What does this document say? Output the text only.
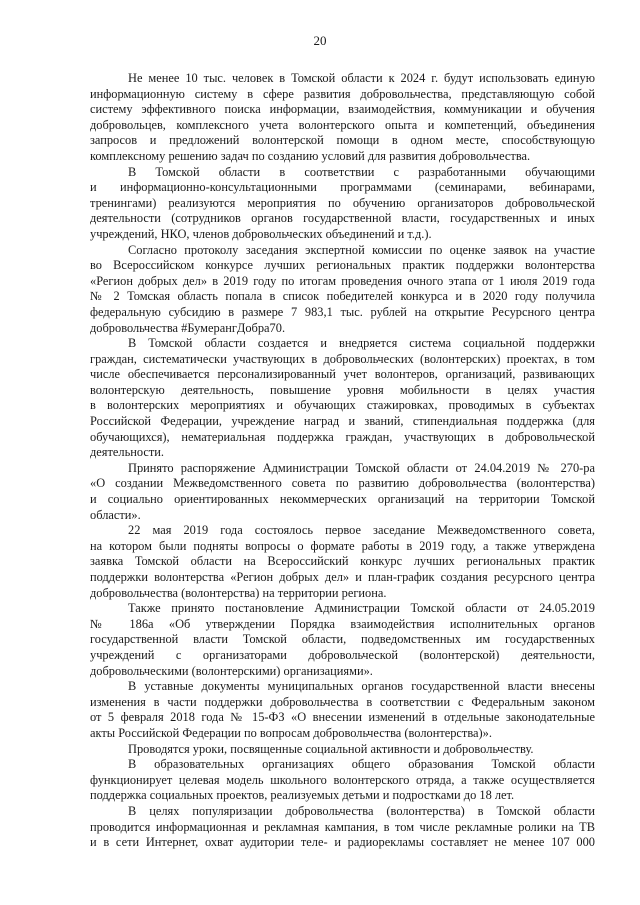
20
Не менее 10 тыс. человек в Томской области к 2024 г. будут использовать единую
информационную систему в сфере развития добровольчества, представляющую собой
систему эффективного поиска информации, взаимодействия, коммуникации и обучения
добровольцев, комплексного учета волонтерского опыта и компетенций, объединения
запросов и предложений волонтерской помощи в одном месте, способствующую
комплексному решению задач по созданию условий для развития добровольчества.
В Томской области в соответствии с разработанными обучающими
и информационно-консультационными программами (семинарами, вебинарами,
тренингами) реализуются мероприятия по обучению организаторов добровольческой
деятельности (сотрудников органов государственной власти, государственных и иных
учреждений, НКО, членов добровольческих объединений и т.д.).
Согласно протоколу заседания экспертной комиссии по оценке заявок на участие
во Всероссийском конкурсе лучших региональных практик поддержки волонтерства
«Регион добрых дел» в 2019 году по итогам проведения очного этапа от 1 июля 2019 года
№ 2 Томская область попала в список победителей конкурса и в 2020 году получила
федеральную субсидию в размере 7 983,1 тыс. рублей на открытие Ресурсного центра
добровольчества #БумерангДобра70.
В Томской области создается и внедряется система социальной поддержки
граждан, систематически участвующих в добровольческих (волонтерских) проектах, в том
числе обеспечивается персонализированный учет волонтеров, организаций, развивающих
волонтерскую деятельность, повышение уровня мобильности в целях участия
в волонтерских мероприятиях и обучающих стажировках, проводимых в субъектах
Российской Федерации, учреждение наград и званий, стипендиальная поддержка (для
обучающихся), нематериальная поддержка граждан, участвующих в добровольческой
деятельности.
Принято распоряжение Администрации Томской области от 24.04.2019 № 270-ра
«О создании Межведомственного совета по развитию добровольчества (волонтерства)
и социально ориентированных некоммерческих организаций на территории Томской
области».
22 мая 2019 года состоялось первое заседание Межведомственного совета,
на котором были подняты вопросы о формате работы в 2019 году, а также утверждена
заявка Томской области на Всероссийский конкурс лучших региональных практик
поддержки волонтерства «Регион добрых дел» и план-график создания ресурсного центра
добровольчества (волонтерства) на территории региона.
Также принято постановление Администрации Томской области от 24.05.2019
№ 186а «Об утверждении Порядка взаимодействия исполнительных органов
государственной власти Томской области, подведомственных им государственных
учреждений с организаторами добровольческой (волонтерской) деятельности,
добровольческими (волонтерскими) организациями».
В уставные документы муниципальных органов государственной власти внесены
изменения в части поддержки добровольчества в соответствии с Федеральным законом
от 5 февраля 2018 года № 15-ФЗ «О внесении изменений в отдельные законодательные
акты Российской Федерации по вопросам добровольчества (волонтерства)».
Проводятся уроки, посвященные социальной активности и добровольчеству.
В образовательных организациях общего образования Томской области
функционирует целевая модель школьного волонтерского отряда, а также осуществляется
поддержка социальных проектов, реализуемых детьми и подростками до 18 лет.
В целях популяризации добровольчества (волонтерства) в Томской области
проводится информационная и рекламная кампания, в том числе рекламные ролики на ТВ
и в сети Интернет, охват аудитории теле- и радиорекламы составляет не менее 107 000
